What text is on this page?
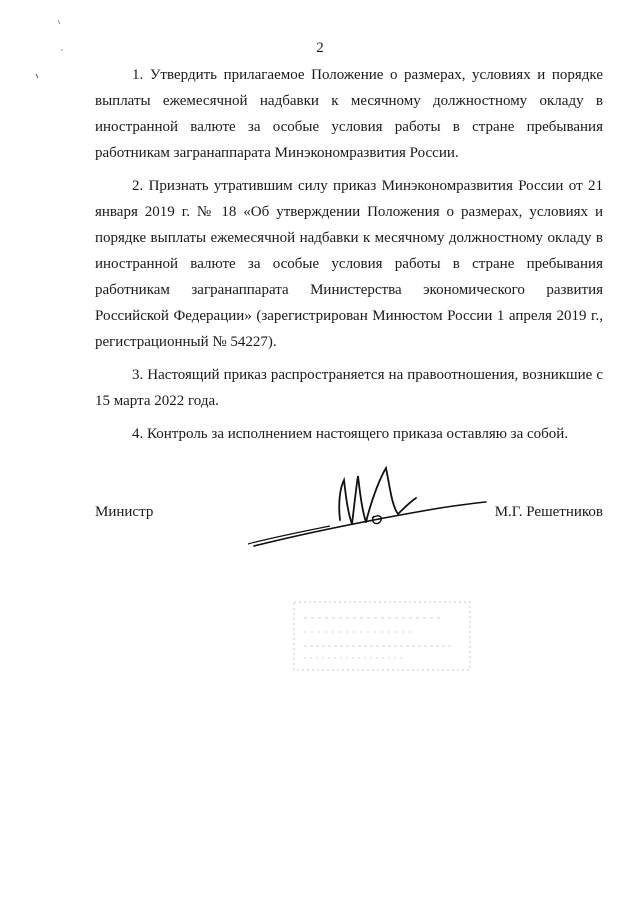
2

1. Утвердить прилагаемое Положение о размерах, условиях и порядке выплаты ежемесячной надбавки к месячному должностному окладу в иностранной валюте за особые условия работы в стране пребывания работникам загранаппарата Минэкономразвития России.

2. Признать утратившим силу приказ Минэкономразвития России от 21 января 2019 г. № 18 «Об утверждении Положения о размерах, условиях и порядке выплаты ежемесячной надбавки к месячному должностному окладу в иностранной валюте за особые условия работы в стране пребывания работникам загранаппарата Министерства экономического развития Российской Федерации» (зарегистрирован Минюстом России 1 апреля 2019 г., регистрационный № 54227).

3. Настоящий приказ распространяется на правоотношения, возникшие с 15 марта 2022 года.

4. Контроль за исполнением настоящего приказа оставляю за собой.

Министр	М.Г. Решетников
